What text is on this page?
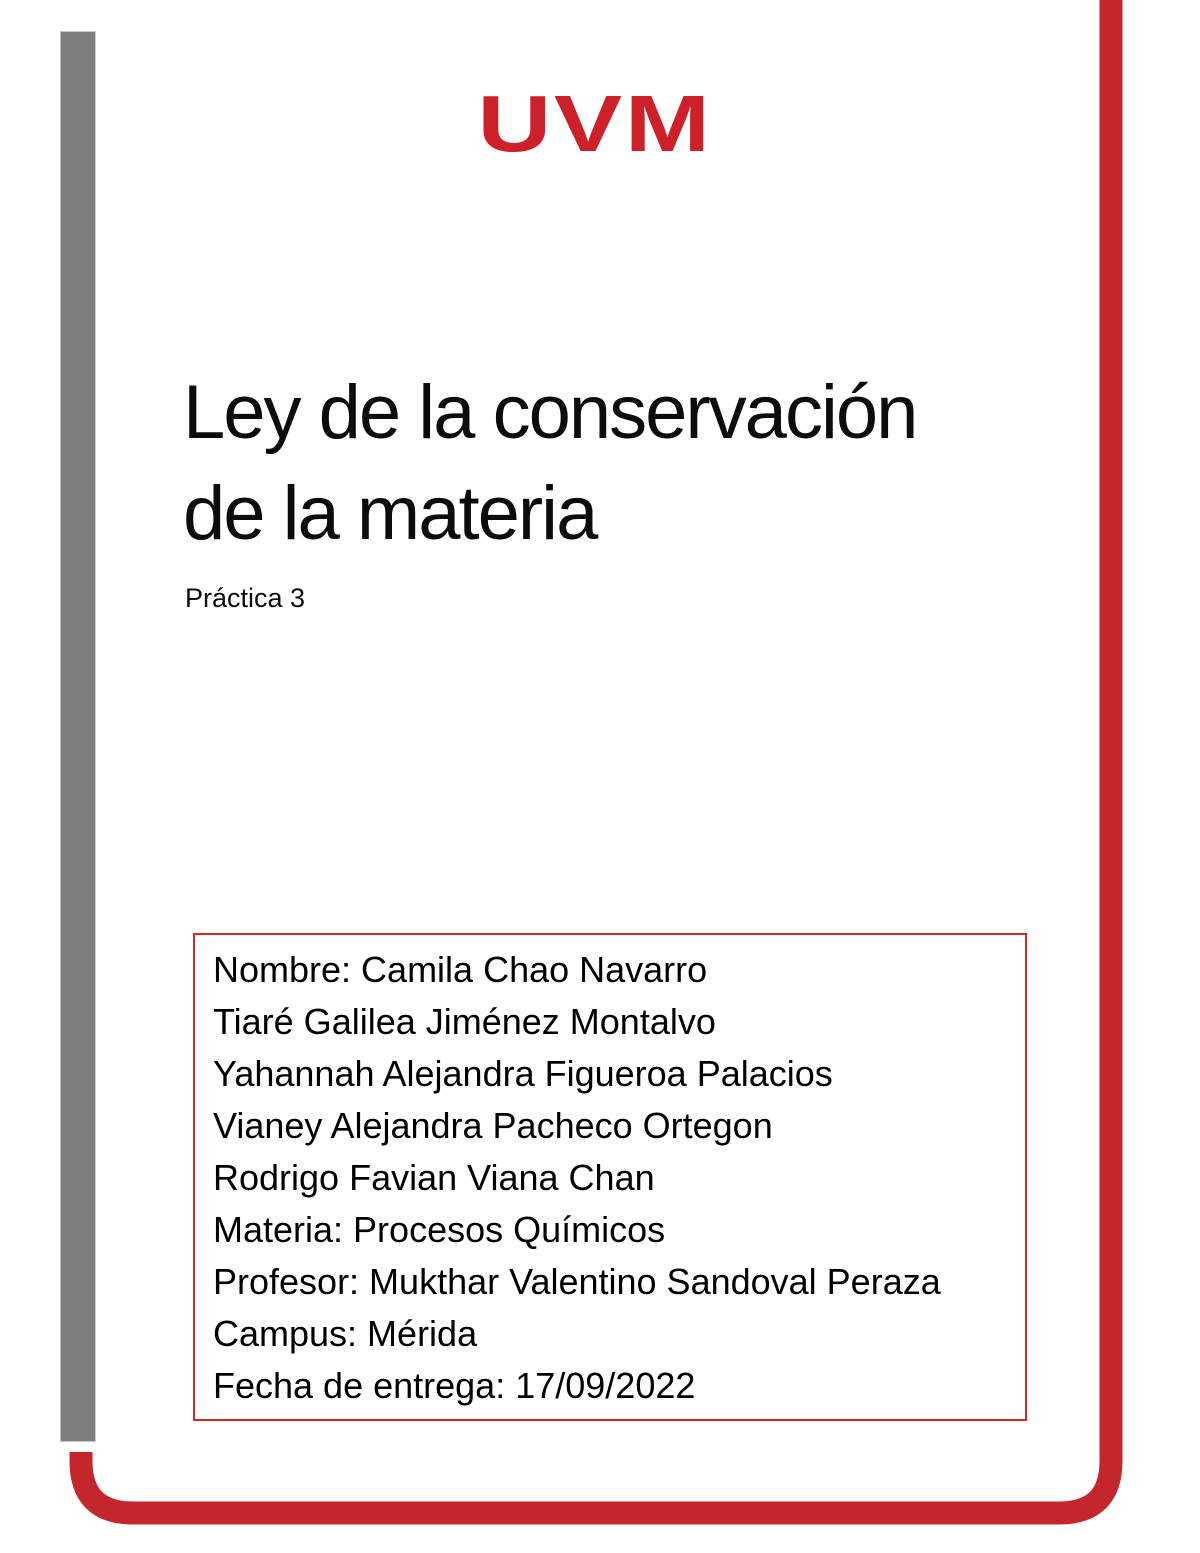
UVM
Ley de la conservación
de la materia
Práctica 3
Nombre: Camila Chao Navarro
Tiaré Galilea Jiménez Montalvo
Yahannah Alejandra Figueroa Palacios
Vianey Alejandra Pacheco Ortegon
Rodrigo Favian Viana Chan
Materia: Procesos Químicos
Profesor: Mukthar Valentino Sandoval Peraza
Campus: Mérida
Fecha de entrega: 17/09/2022
